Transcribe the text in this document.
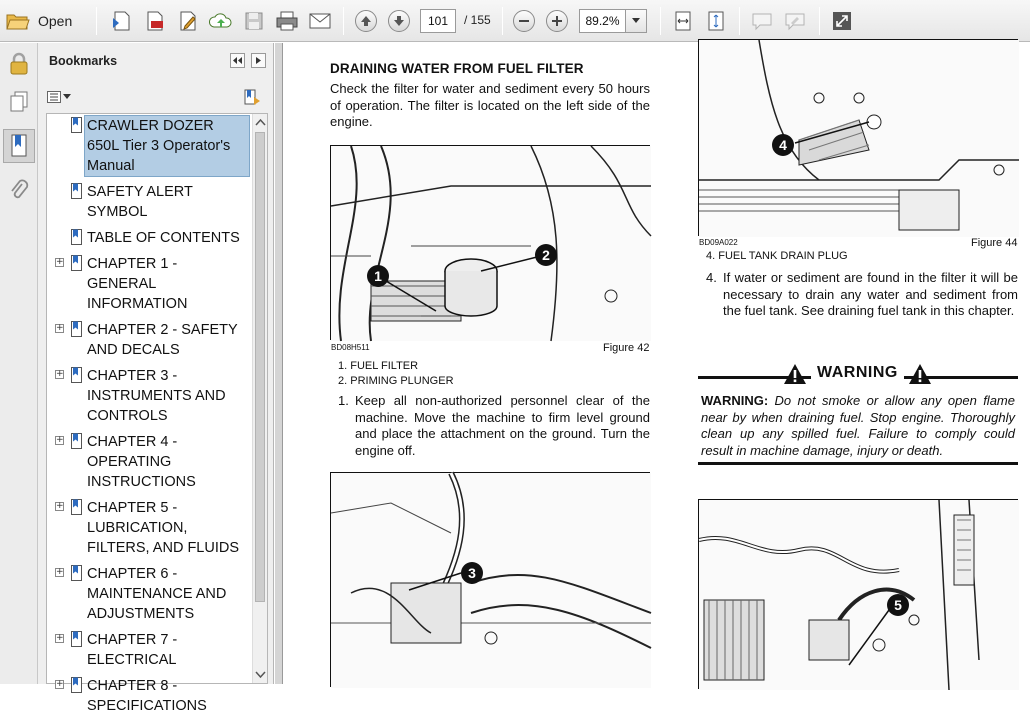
Open	101	/ 155	89.2%
Bookmarks
CRAWLER DOZER 650L Tier 3 Operator's Manual
SAFETY ALERT SYMBOL
TABLE OF CONTENTS
+ CHAPTER 1 - GENERAL INFORMATION
+ CHAPTER 2 - SAFETY AND DECALS
+ CHAPTER 3 - INSTRUMENTS AND CONTROLS
+ CHAPTER 4 - OPERATING INSTRUCTIONS
+ CHAPTER 5 - LUBRICATION, FILTERS, AND FLUIDS
+ CHAPTER 6 - MAINTENANCE AND ADJUSTMENTS
+ CHAPTER 7 - ELECTRICAL
+ CHAPTER 8 - SPECIFICATIONS
DRAINING WATER FROM FUEL FILTER
Check the filter for water and sediment every 50 hours of operation. The filter is located on the left side of the engine.
1
2
BD08H511	Figure 42
1. FUEL FILTER
2. PRIMING PLUNGER
1. Keep all non-authorized personnel clear of the machine. Move the machine to firm level ground and place the attachment on the ground. Turn the engine off.
3
4
BD09A022	Figure 44
4. FUEL TANK DRAIN PLUG
4. If water or sediment are found in the filter it will be necessary to drain any water and sediment from the fuel tank. See draining fuel tank in this chapter.
WARNING
WARNING: Do not smoke or allow any open flame near by when draining fuel. Stop engine. Thoroughly clean up any spilled fuel. Failure to comply could result in machine damage, injury or death.
5
